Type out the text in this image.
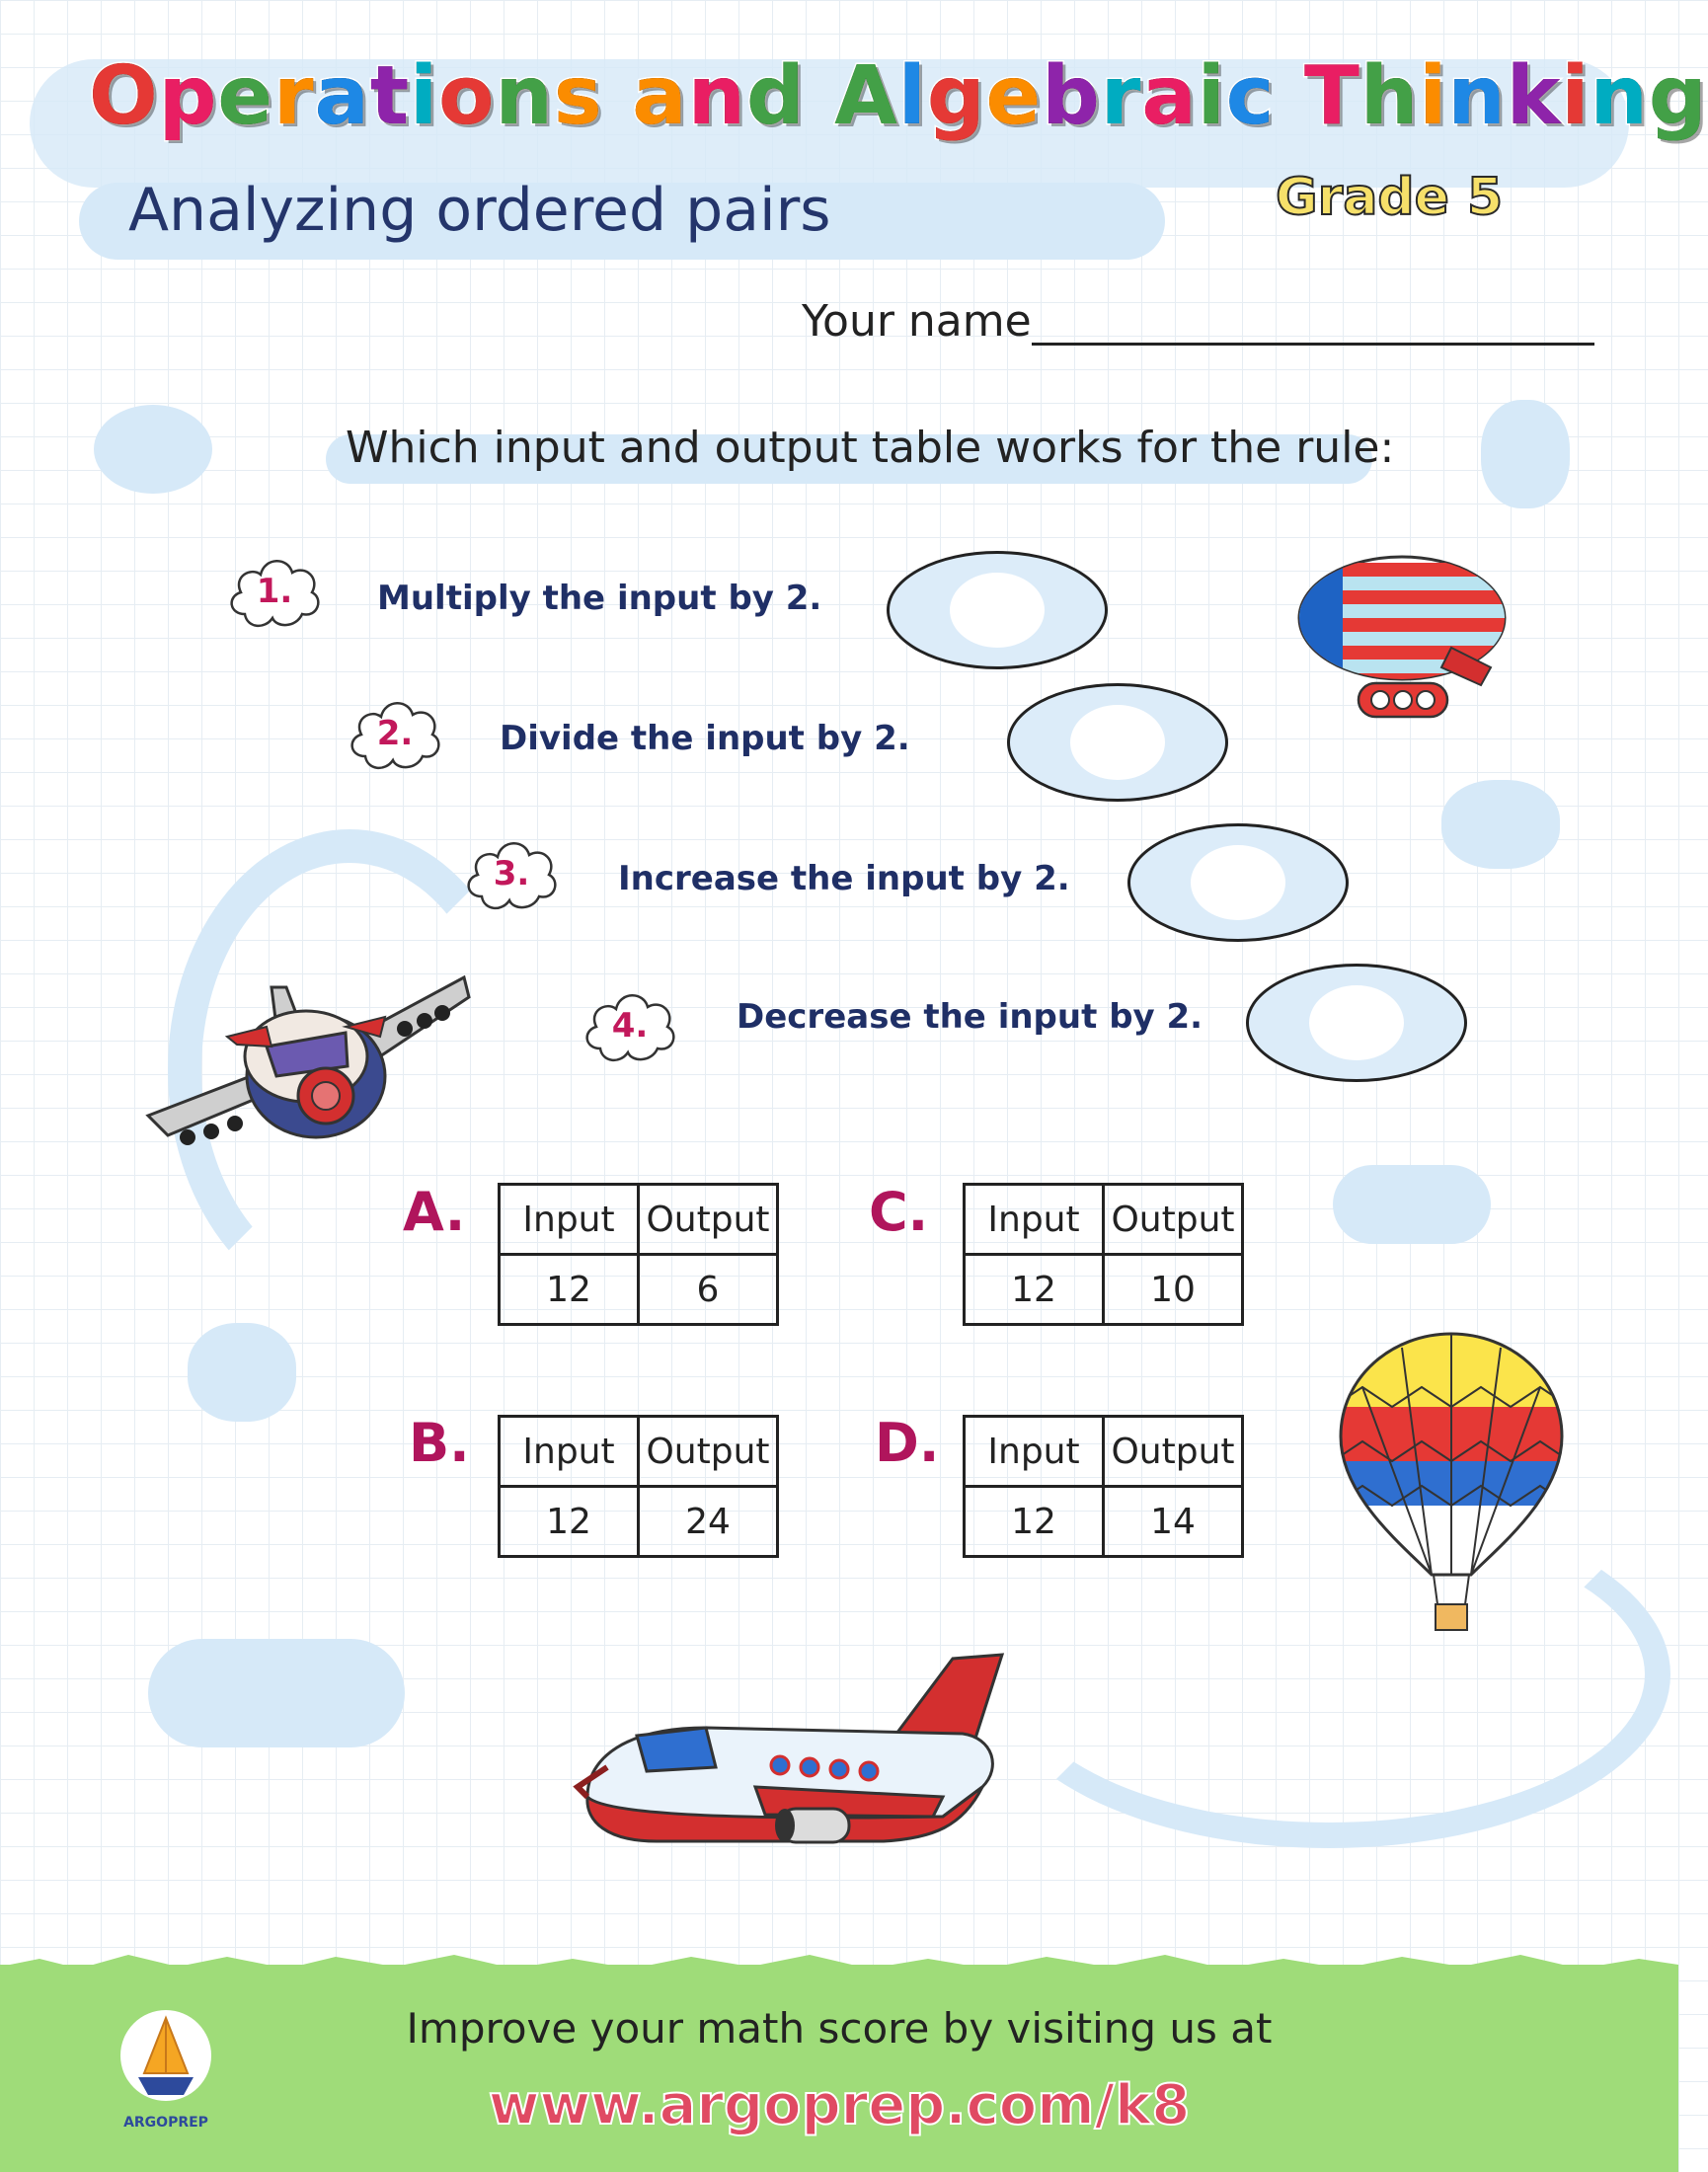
Operations and Algebraic Thinking
Analyzing ordered pairs	Grade 5
Your name
Which input and output table works for the rule:
1.	Multiply the input by 2.
2.	Divide the input by 2.
3.	Increase the input by 2.
4.	Decrease the input by 2.
A. Input	Output
12	6
B. Input	Output
12	24
C. Input	Output
12	10
D. Input	Output
12	14
ARGOPREP
Improve your math score by visiting us at
www.argoprep.com/k8
